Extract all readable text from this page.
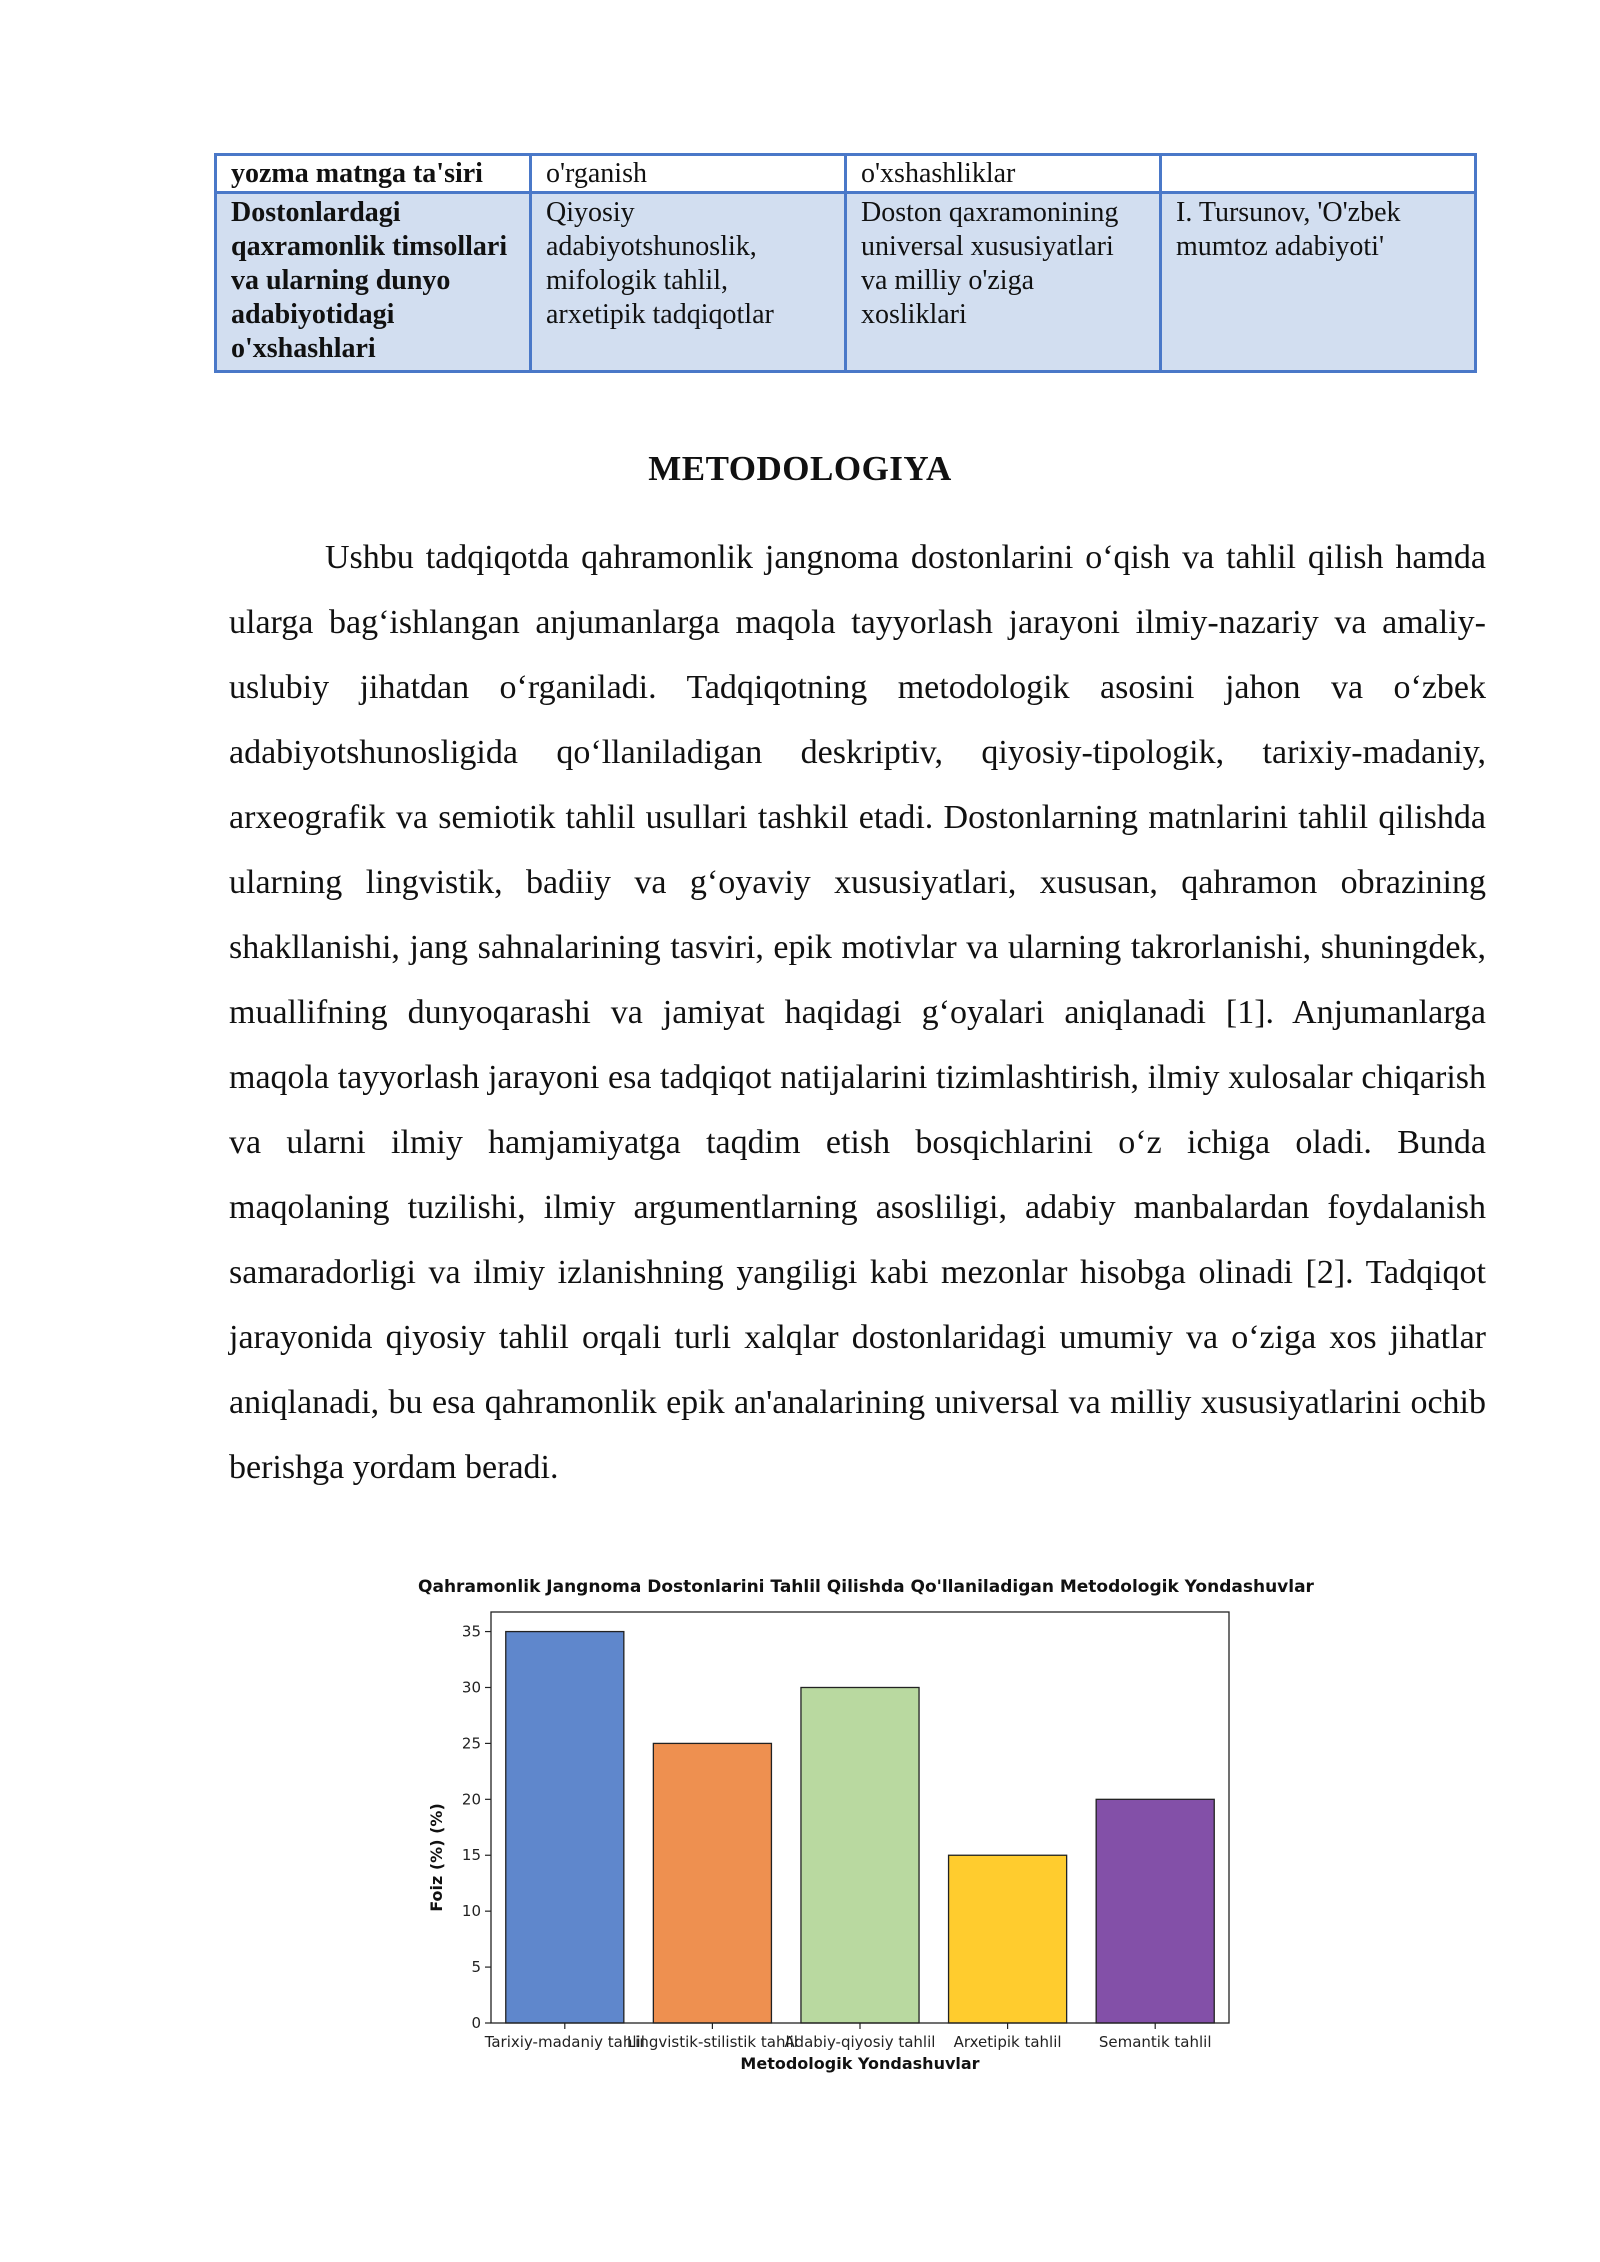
yozma matnga ta'siri	o'rganish	o'xshashliklar	
Dostonlardagi qaxramonlik timsollari va ularning dunyo adabiyotidagi o'xshashlari	Qiyosiy adabiyotshunoslik, mifologik tahlil, arxetipik tadqiqotlar	Doston qaxramonining universal xususiyatlari va milliy o'ziga xosliklari	I. Tursunov, 'O'zbek mumtoz adabiyoti'
METODOLOGIYA

Ushbu tadqiqotda qahramonlik jangnoma dostonlarini o‘qish va tahlil qilish hamda ularga bag‘ishlangan anjumanlarga maqola tayyorlash jarayoni ilmiy-nazariy va amaliy-uslubiy jihatdan o‘rganiladi. Tadqiqotning metodologik asosini jahon va o‘zbek adabiyotshunosligida qo‘llaniladigan deskriptiv, qiyosiy-tipologik, tarixiy-madaniy, arxeografik va semiotik tahlil usullari tashkil etadi. Dostonlarning matnlarini tahlil qilishda ularning lingvistik, badiiy va g‘oyaviy xususiyatlari, xususan, qahramon obrazining shakllanishi, jang sahnalarining tasviri, epik motivlar va ularning takrorlanishi, shuningdek, muallifning dunyoqarashi va jamiyat haqidagi g‘oyalari aniqlanadi [1]. Anjumanlarga maqola tayyorlash jarayoni esa tadqiqot natijalarini tizimlashtirish, ilmiy xulosalar chiqarish va ularni ilmiy hamjamiyatga taqdim etish bosqichlarini o‘z ichiga oladi. Bunda maqolaning tuzilishi, ilmiy argumentlarning asosliligi, adabiy manbalardan foydalanish samaradorligi va ilmiy izlanishning yangiligi kabi mezonlar hisobga olinadi [2]. Tadqiqot jarayonida qiyosiy tahlil orqali turli xalqlar dostonlaridagi umumiy va o‘ziga xos jihatlar aniqlanadi, bu esa qahramonlik epik an'analarining universal va milliy xususiyatlarini ochib berishga yordam beradi.

Qahramonlik Jangnoma Dostonlarini Tahlil Qilishda Qo'llaniladigan Metodologik Yondashuvlar
0
5
10
15
20
25
30
35
Tarixiy-madaniy tahlil
Lingvistik-stilistik tahlil
Adabiy-qiyosiy tahlil Arxetipik tahlil Semantik tahlil
Metodologik Yondashuvlar
Foiz (%) (%)
